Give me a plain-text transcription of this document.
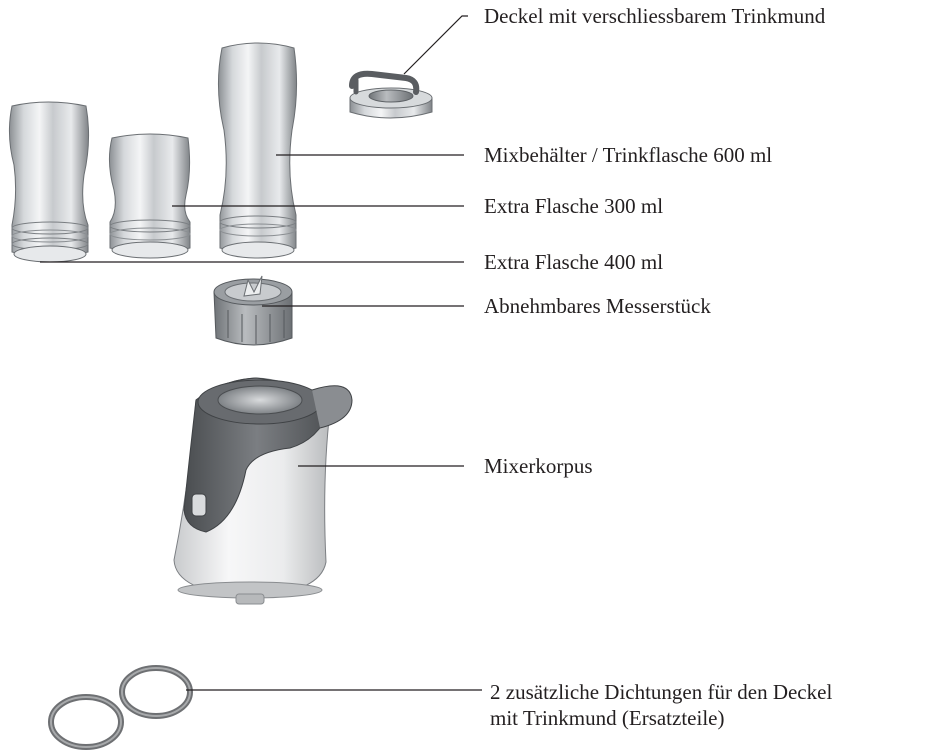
Deckel mit verschliessbarem Trinkmund
Mixbehälter / Trinkflasche 600 ml
Extra Flasche 300 ml
Extra Flasche 400 ml
Abnehmbares Messerstück
Mixerkorpus
2 zusätzliche Dichtungen für den Deckel
mit Trinkmund (Ersatzteile)
